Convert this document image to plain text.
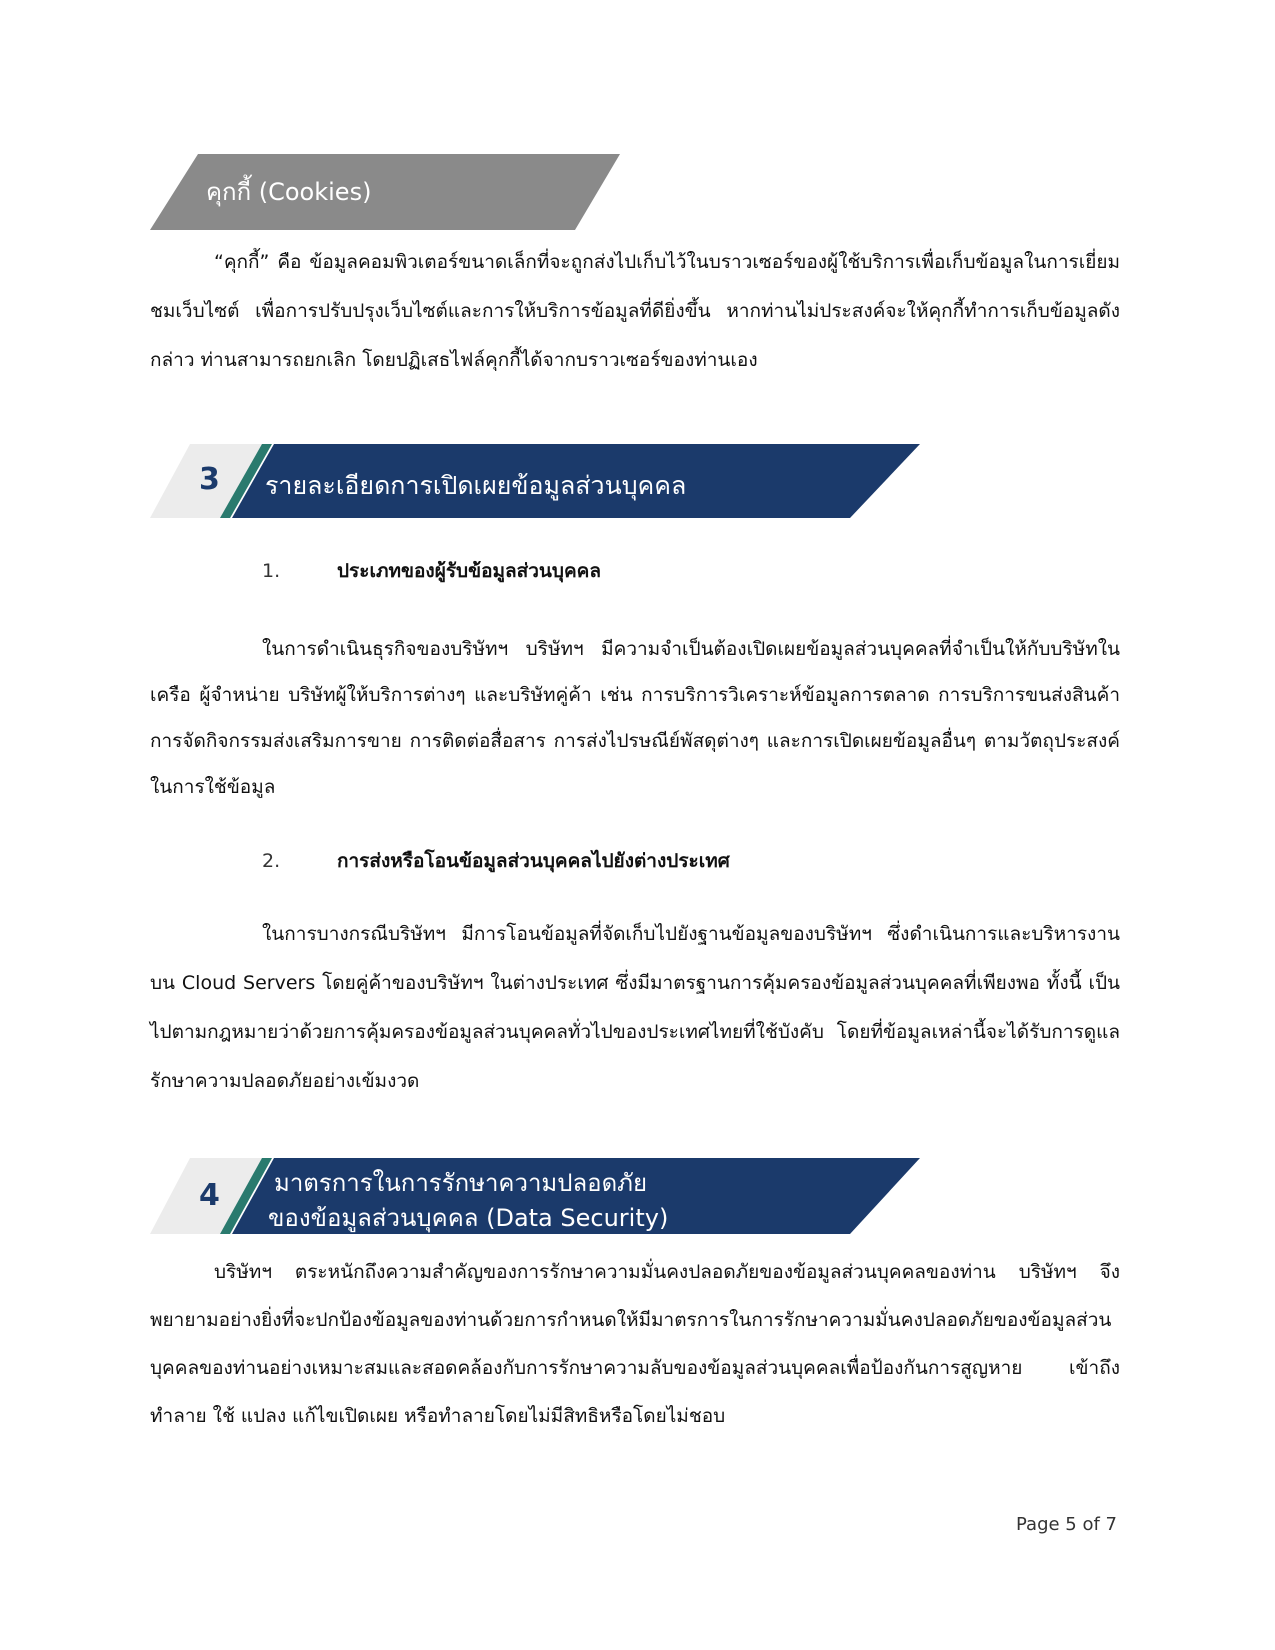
คุกกี้ (Cookies)

“คุกกี้” คือ ข้อมูลคอมพิวเตอร์ขนาดเล็กที่จะถูกส่งไปเก็บไว้ในบราวเซอร์ของผู้ใช้บริการเพื่อเก็บข้อมูลในการเยี่ยมชมเว็บไซต์ เพื่อการปรับปรุงเว็บไซต์และการให้บริการข้อมูลที่ดียิ่งขึ้น หากท่านไม่ประสงค์จะให้คุกกี้ทำการเก็บข้อมูลดังกล่าว ท่านสามารถยกเลิก โดยปฏิเสธไฟล์คุกกี้ได้จากบราวเซอร์ของท่านเอง

3 รายละเอียดการเปิดเผยข้อมูลส่วนบุคคล
1.	ประเภทของผู้รับข้อมูลส่วนบุคคล

ในการดำเนินธุรกิจของบริษัทฯ บริษัทฯ มีความจำเป็นต้องเปิดเผยข้อมูลส่วนบุคคลที่จำเป็นให้กับบริษัทในเครือ ผู้จำหน่าย บริษัทผู้ให้บริการต่างๆ และบริษัทคู่ค้า เช่น การบริการวิเคราะห์ข้อมูลการตลาด การบริการขนส่งสินค้า การจัดกิจกรรมส่งเสริมการขาย การติดต่อสื่อสาร การส่งไปรษณีย์พัสดุต่างๆ และการเปิดเผยข้อมูลอื่นๆ ตามวัตถุประสงค์ในการใช้ข้อมูล

2.	การส่งหรือโอนข้อมูลส่วนบุคคลไปยังต่างประเทศ

ในการบางกรณีบริษัทฯ มีการโอนข้อมูลที่จัดเก็บไปยังฐานข้อมูลของบริษัทฯ ซึ่งดำเนินการและบริหารงานบน Cloud Servers โดยคู่ค้าของบริษัทฯ ในต่างประเทศ ซึ่งมีมาตรฐานการคุ้มครองข้อมูลส่วนบุคคลที่เพียงพอ ทั้งนี้ เป็นไปตามกฎหมายว่าด้วยการคุ้มครองข้อมูลส่วนบุคคลทั่วไปของประเทศไทยที่ใช้บังคับ โดยที่ข้อมูลเหล่านี้จะได้รับการดูแลรักษาความปลอดภัยอย่างเข้มงวด

4 มาตรการในการรักษาความปลอดภัย
ของข้อมูลส่วนบุคคล (Data Security)

บริษัทฯ ตระหนักถึงความสำคัญของการรักษาความมั่นคงปลอดภัยของข้อมูลส่วนบุคคลของท่าน บริษัทฯ จึงพยายามอย่างยิ่งที่จะปกป้องข้อมูลของท่านด้วยการกำหนดให้มีมาตรการในการรักษาความมั่นคงปลอดภัยของข้อมูลส่วนบุคคลของท่านอย่างเหมาะสมและสอดคล้องกับการรักษาความลับของข้อมูลส่วนบุคคลเพื่อป้องกันการสูญหาย เข้าถึง ทำลาย ใช้ แปลง แก้ไขเปิดเผย หรือทำลายโดยไม่มีสิทธิหรือโดยไม่ชอบ

Page 5 of 7
